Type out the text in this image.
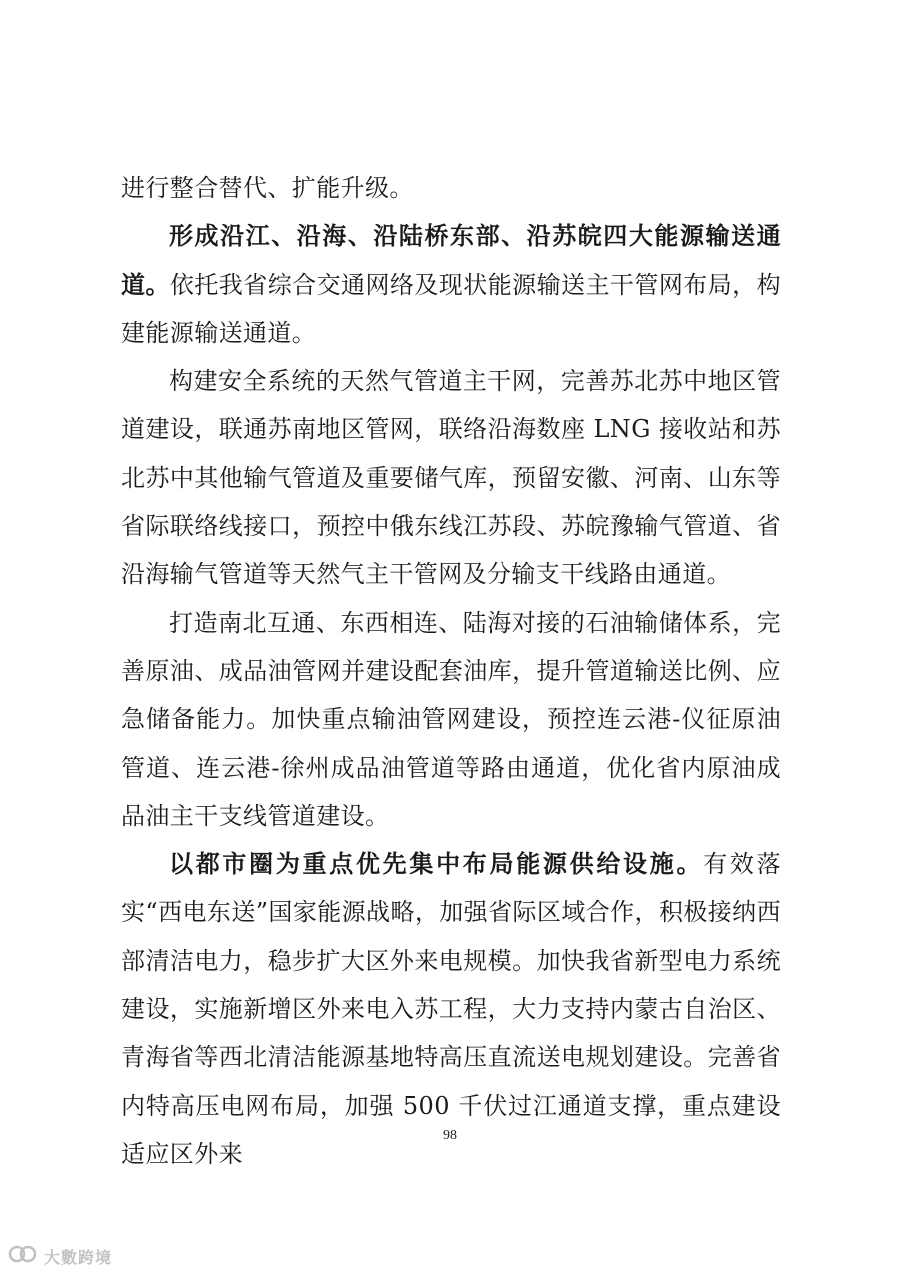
进行整合替代、扩能升级。

形成沿江、沿海、沿陆桥东部、沿苏皖四大能源输送通道。依托我省综合交通网络及现状能源输送主干管网布局，构建能源输送通道。

构建安全系统的天然气管道主干网，完善苏北苏中地区管道建设，联通苏南地区管网，联络沿海数座 LNG 接收站和苏北苏中其他输气管道及重要储气库，预留安徽、河南、山东等省际联络线接口，预控中俄东线江苏段、苏皖豫输气管道、省沿海输气管道等天然气主干管网及分输支干线路由通道。

打造南北互通、东西相连、陆海对接的石油输储体系，完善原油、成品油管网并建设配套油库，提升管道输送比例、应急储备能力。加快重点输油管网建设，预控连云港-仪征原油管道、连云港-徐州成品油管道等路由通道，优化省内原油成品油主干支线管道建设。

以都市圈为重点优先集中布局能源供给设施。有效落实“西电东送”国家能源战略，加强省际区域合作，积极接纳西部清洁电力，稳步扩大区外来电规模。加快我省新型电力系统建设，实施新增区外来电入苏工程，大力支持内蒙古自治区、青海省等西北清洁能源基地特高压直流送电规划建设。完善省内特高压电网布局，加强 500 千伏过江通道支撑，重点建设适应区外来

98
大數跨境
